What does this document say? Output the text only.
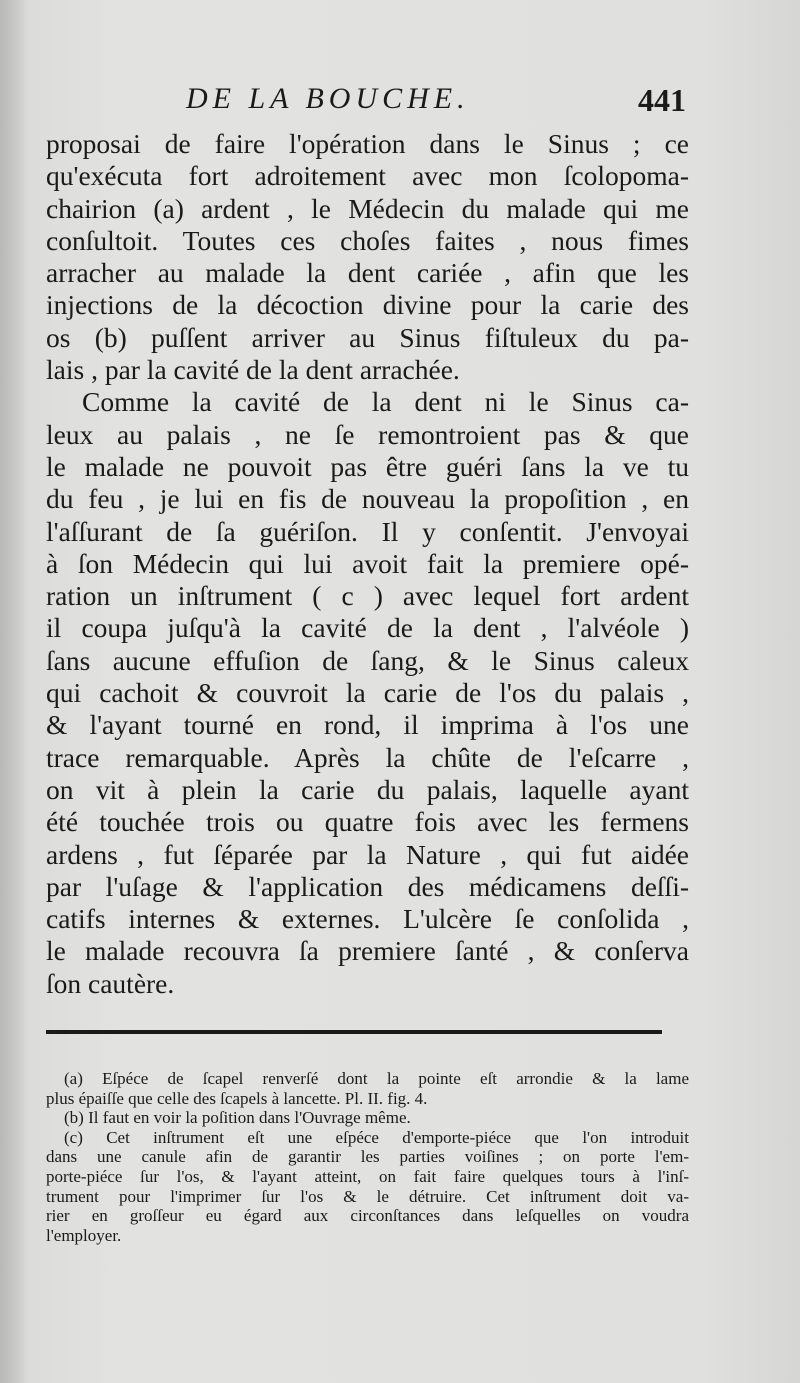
DE LA BOUCHE.	441
proposai de faire l'opération dans le Sinus ; ce
qu'exécuta fort adroitement avec mon ſcolopoma-
chairion (a) ardent , le Médecin du malade qui me
conſultoit. Toutes ces choſes faites , nous fimes
arracher au malade la dent cariée , afin que les
injections de la décoction divine pour la carie des
os (b) puſſent arriver au Sinus fiſtuleux du pa-
lais , par la cavité de la dent arrachée.
Comme la cavité de la dent ni le Sinus ca-
leux au palais , ne ſe remontroient pas & que
le malade ne pouvoit pas être guéri ſans la ve tu
du feu , je lui en fis de nouveau la propoſition , en
l'aſſurant de ſa guériſon. Il y conſentit. J'envoyai
à ſon Médecin qui lui avoit fait la premiere opé-
ration un inſtrument ( c ) avec lequel fort ardent
il coupa juſqu'à la cavité de la dent , l'alvéole )
ſans aucune effuſion de ſang, & le Sinus caleux
qui cachoit & couvroit la carie de l'os du palais ,
& l'ayant tourné en rond, il imprima à l'os une
trace remarquable. Après la chûte de l'eſcarre ,
on vit à plein la carie du palais, laquelle ayant
été touchée trois ou quatre fois avec les fermens
ardens , fut ſéparée par la Nature , qui fut aidée
par l'uſage & l'application des médicamens deſſi-
catifs internes & externes. L'ulcère ſe conſolida ,
le malade recouvra ſa premiere ſanté , & conſerva
ſon cautère.
(a) Eſpéce de ſcapel renverſé dont la pointe eſt arrondie & la lame
plus épaiſſe que celle des ſcapels à lancette. Pl. II. fig. 4.
(b) Il faut en voir la poſition dans l'Ouvrage même.
(c) Cet inſtrument eſt une eſpéce d'emporte-piéce que l'on introduit
dans une canule afin de garantir les parties voiſines ; on porte l'em-
porte-piéce ſur l'os, & l'ayant atteint, on fait faire quelques tours à l'inſ-
trument pour l'imprimer ſur l'os & le détruire. Cet inſtrument doit va-
rier en groſſeur eu égard aux circonſtances dans leſquelles on voudra
l'employer.
